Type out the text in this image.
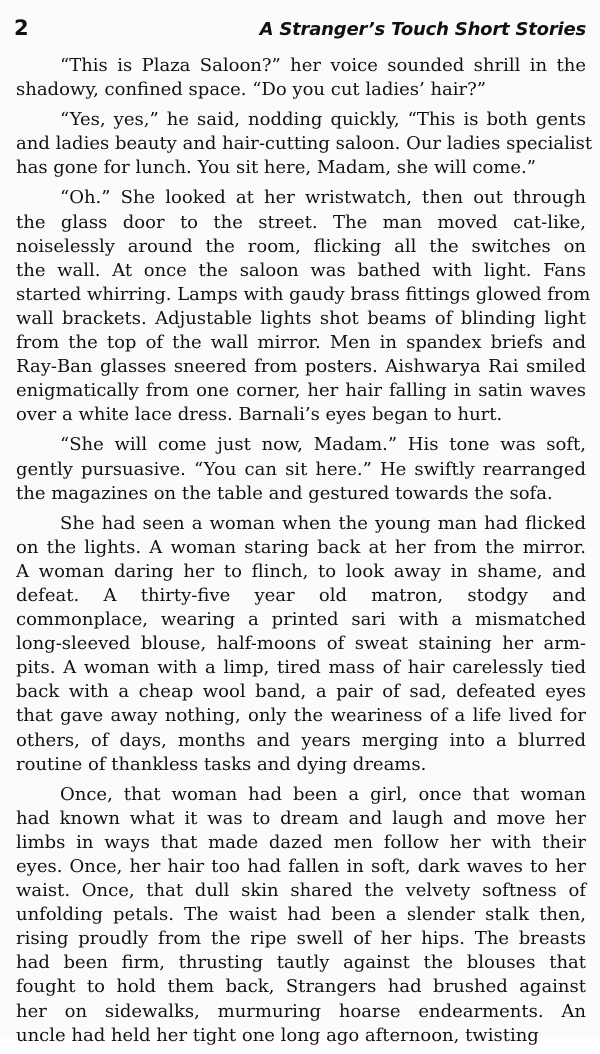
2	A Stranger’s Touch Short Stories
“This is Plaza Saloon?” her voice sounded shrill in the
shadowy, confined space. “Do you cut ladies’ hair?”
“Yes, yes,” he said, nodding quickly, “This is both gents
and ladies beauty and hair-cutting saloon. Our ladies specialist
has gone for lunch. You sit here, Madam, she will come.”
“Oh.” She looked at her wristwatch, then out through
the glass door to the street. The man moved cat-like,
noiselessly around the room, flicking all the switches on
the wall. At once the saloon was bathed with light. Fans
started whirring. Lamps with gaudy brass fittings glowed from
wall brackets. Adjustable lights shot beams of blinding light
from the top of the wall mirror. Men in spandex briefs and
Ray-Ban glasses sneered from posters. Aishwarya Rai smiled
enigmatically from one corner, her hair falling in satin waves
over a white lace dress. Barnali’s eyes began to hurt.
“She will come just now, Madam.” His tone was soft,
gently pursuasive. “You can sit here.” He swiftly rearranged
the magazines on the table and gestured towards the sofa.
She had seen a woman when the young man had flicked
on the lights. A woman staring back at her from the mirror.
A woman daring her to flinch, to look away in shame, and
defeat. A thirty-five year old matron, stodgy and
commonplace, wearing a printed sari with a mismatched
long-sleeved blouse, half-moons of sweat staining her arm-
pits. A woman with a limp, tired mass of hair carelessly tied
back with a cheap wool band, a pair of sad, defeated eyes
that gave away nothing, only the weariness of a life lived for
others, of days, months and years merging into a blurred
routine of thankless tasks and dying dreams.
Once, that woman had been a girl, once that woman
had known what it was to dream and laugh and move her
limbs in ways that made dazed men follow her with their
eyes. Once, her hair too had fallen in soft, dark waves to her
waist. Once, that dull skin shared the velvety softness of
unfolding petals. The waist had been a slender stalk then,
rising proudly from the ripe swell of her hips. The breasts
had been firm, thrusting tautly against the blouses that
fought to hold them back, Strangers had brushed against
her on sidewalks, murmuring hoarse endearments. An
uncle had held her tight one long ago afternoon, twisting
